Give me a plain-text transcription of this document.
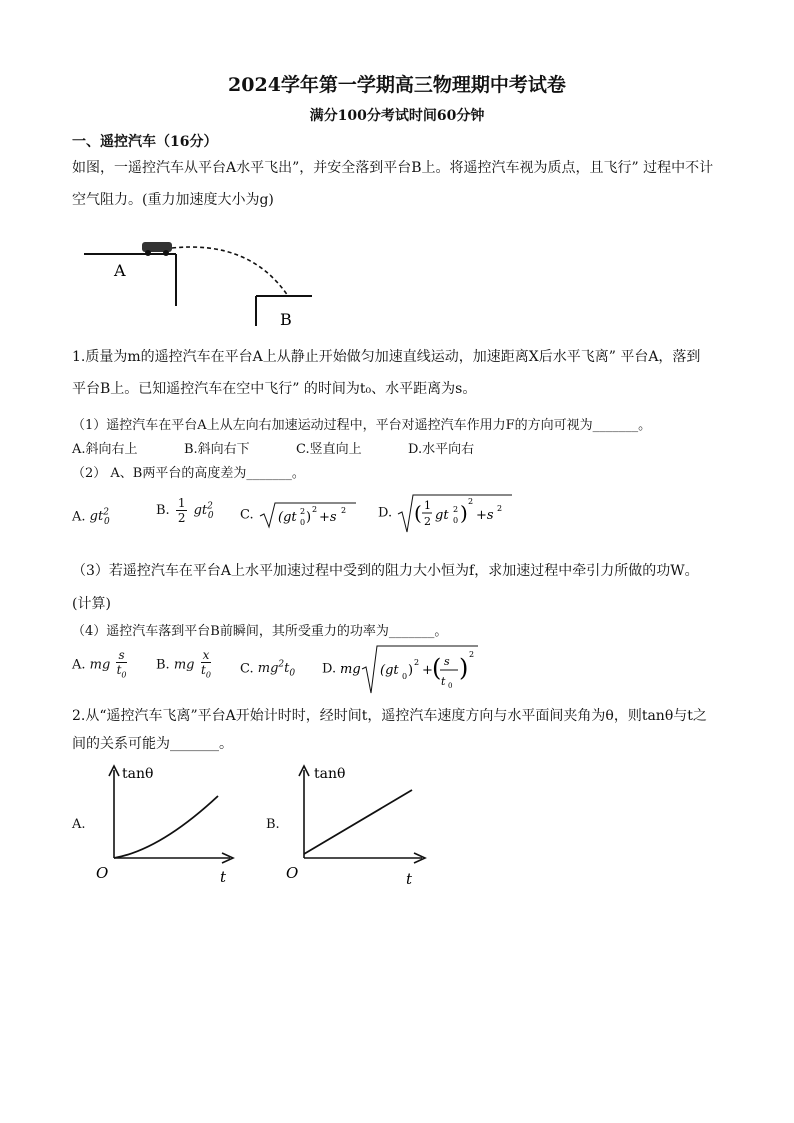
2024学年第一学期高三物理期中考试卷
满分100分考试时间60分钟
一、遥控汽车（16分）
如图，一遥控汽车从平台A水平飞出”，并安全落到平台B上。将遥控汽车视为质点，且飞行” 过程中不计
空气阻力。(重力加速度大小为g)
A
B
1.质量为m的遥控汽车在平台A上从静止开始做匀加速直线运动，加速距离X后水平飞离” 平台A，落到
平台B上。已知遥控汽车在空中飞行” 的时间为t₀、水平距离为s。
（1）遥控汽车在平台A上从左向右加速运动过程中，平台对遥控汽车作用力F的方向可视为_______。
A.斜向右上	B.斜向右下	C.竖直向上	D.水平向右
（2） A、B两平台的高度差为_______。
A. $gt^2_0$
B. $\frac{1}{2} gt^2_0$ C. (gt 2
0 )
2
+s 2 D. ( 1
2 gt 2
0 ) 2
+s 2
（3）若遥控汽车在平台A上水平加速过程中受到的阻力大小恒为f，求加速过程中牵引力所做的功W。
(计算)
（4）遥控汽车落到平台B前瞬间，其所受重力的功率为_______。
A. mg $\frac{s}{t_0} B$. mg $\frac{x}{t_0} C$. $mg^2t_0$ D. mg (gt 0 )
2
+ ( s
t 0
) 2
2.从“遥控汽车飞离”平台A开始计时时，经时间t，遥控汽车速度方向与水平面间夹角为θ，则tanθ与t之
间的关系可能为_______。
A.
tanθ
O	t
B.
tanθ
O	t
